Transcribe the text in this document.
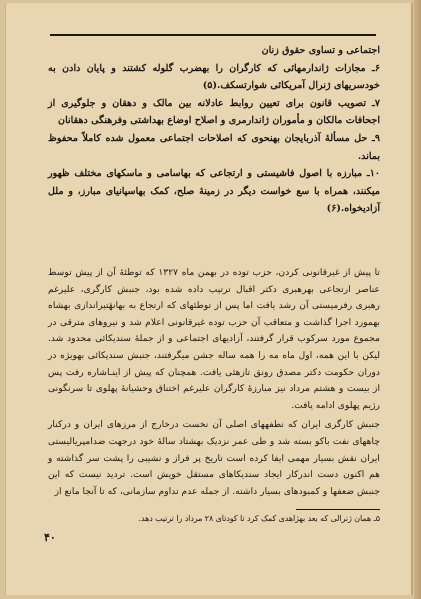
اجتماعی و تساوی حقوق زنان

۶ـ مجازات ژاندارمهائی که کارگران را بهضرب گلوله کشتند و پایان دادن به خودسریهای ژنرال آمریکائی شوارتسکف.(۵)

۷ـ تصویب قانون برای تعیین روابط عادلانه بین مالک و دهقان و جلوگیری از اجحافات مالکان و مأموران ژاندارمری و اصلاح اوضاع بهداشتی وفرهنگی دهقانان

۹ـ حل مسألهٔ آذربایجان بهنحوی که اصلاحات اجتماعی معمول شده کاملاً محفوظ بماند.

۱۰ـ مبارزه با اصول فاشیستی و ارتجاعی که بهاسامی و ماسکهای مختلف ظهور میکنند، همراه با سع خواست دیگر در زمینهٔ صلح، کمک بهاسپانیای مبارز، و ملل آزادیخواه.(۶)

تا پیش از غیرقانونی کردن، حزب توده در بهمن ماه ۱۳۲۷ که توطئهٔ آن از پیش توسط عناصر ارتجاعی بهرهبری دکتر اقبال ترتیب داده شده بود، جنبش کارگری، علیرغم رهبری رفرمیستی آن رشد یافت اما پس از توطئهای که ارتجاع به بهانهٔتیراندازی بهشاه بهمورد اجرا گذاشت و متعاقب آن حزب توده غیرقانونی اعلام شد و نیروهای مترقی در مجموع مورد سرکوب قرار گرفتند، آزادیهای اجتماعی و از جملهٔ سندیکائی محدود شد. لیکن با این همه، اول ماه مه را همه ساله جشن میگرفتند، جنبش سندیکائی بهویژه در دوران حکومت دکتر مصدق رونق تازهئی یافت. همچنان که پیش از اینـاشاره رفت پس از بیست و هشتم مرداد نیز مبارزهٔ کارگران علیرغم اختناق وحشیانهٔ پهلوی تا سرنگونی رژیم پهلوی ادامه یافت.

جنبش کارگری ایران که نطفههای اصلی آن نخست درخارج از مرزهای ایران و درکنار چاههای نفت باکو بسته شد و طی عمر نزدیک بهشتاد سالهٔ خود درجهت ضدامپریالیستی ایران نقش بسیار مهمی ایفا کرده است تاریخ پر فراز و نشیبی را پشت سر گذاشته و هم اکنون دست اندرکار ایجاد سندیکاهای مستقل خویش است. تردید نیست که این جنبش ضعفها و کمبودهای بسیار داشته. از جمله عدم تداوم سازمانی، که تا آنجا مانع از

۵ـ همان ژنرالی که بعد بهژاهدی کمک کرد تا کودتای ۲۸ مرداد را ترتیب دهد.
۴۰
